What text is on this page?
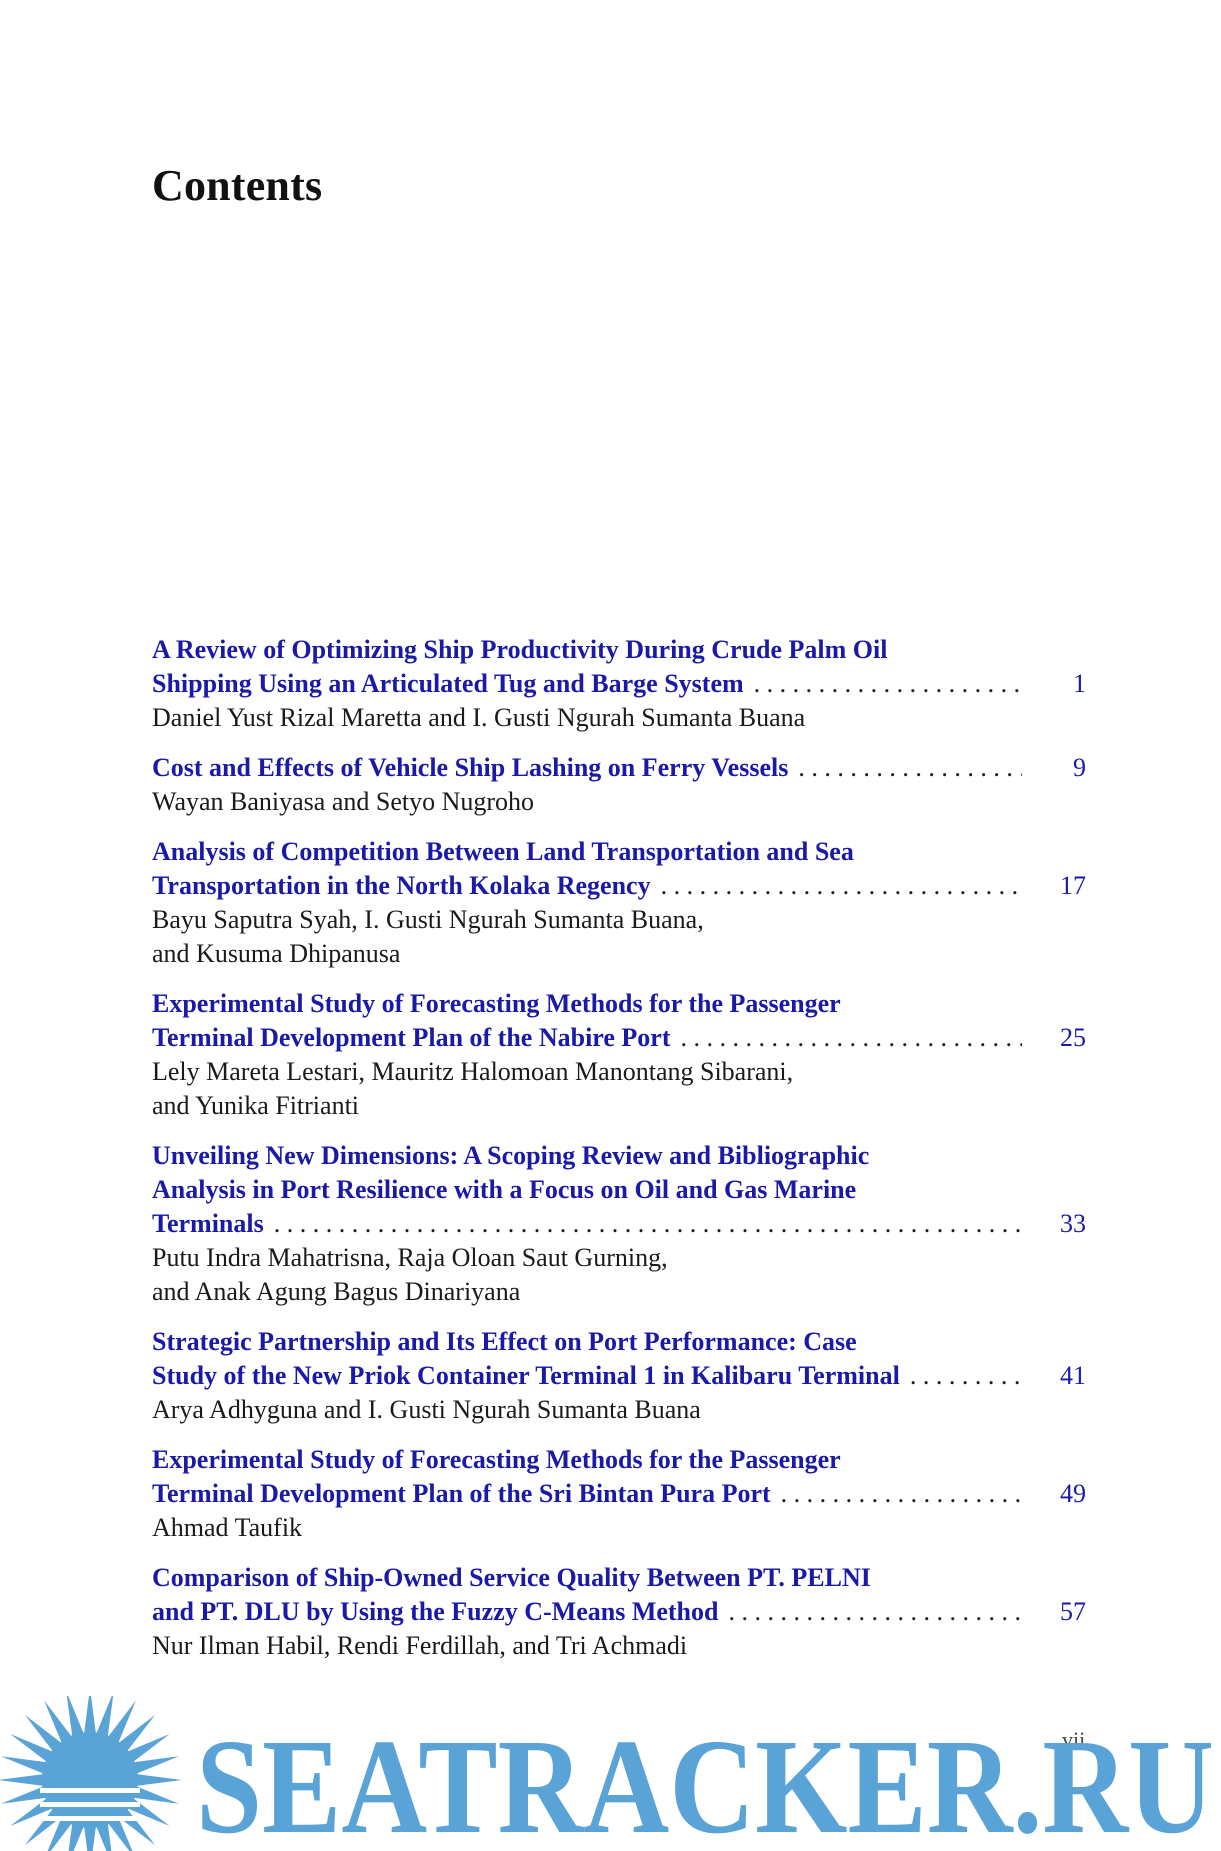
Contents
A Review of Optimizing Ship Productivity During Crude Palm Oil
Shipping Using an Articulated Tug and Barge System . . .	1
Daniel Yust Rizal Maretta and I. Gusti Ngurah Sumanta Buana
Cost and Effects of Vehicle Ship Lashing on Ferry Vessels . . .	9
Wayan Baniyasa and Setyo Nugroho
Analysis of Competition Between Land Transportation and Sea
Transportation in the North Kolaka Regency . . .	17
Bayu Saputra Syah, I. Gusti Ngurah Sumanta Buana,
and Kusuma Dhipanusa
Experimental Study of Forecasting Methods for the Passenger
Terminal Development Plan of the Nabire Port . . .	25
Lely Mareta Lestari, Mauritz Halomoan Manontang Sibarani,
and Yunika Fitrianti
Unveiling New Dimensions: A Scoping Review and Bibliographic
Analysis in Port Resilience with a Focus on Oil and Gas Marine
Terminals . . .	33
Putu Indra Mahatrisna, Raja Oloan Saut Gurning,
and Anak Agung Bagus Dinariyana
Strategic Partnership and Its Effect on Port Performance: Case
Study of the New Priok Container Terminal 1 in Kalibaru Terminal . . .	41
Arya Adhyguna and I. Gusti Ngurah Sumanta Buana
Experimental Study of Forecasting Methods for the Passenger
Terminal Development Plan of the Sri Bintan Pura Port . . .	49
Ahmad Taufik
Comparison of Ship-Owned Service Quality Between PT. PELNI
and PT. DLU by Using the Fuzzy C-Means Method . . .	57
Nur Ilman Habil, Rendi Ferdillah, and Tri Achmadi
vii
SEATRACKER.RU
